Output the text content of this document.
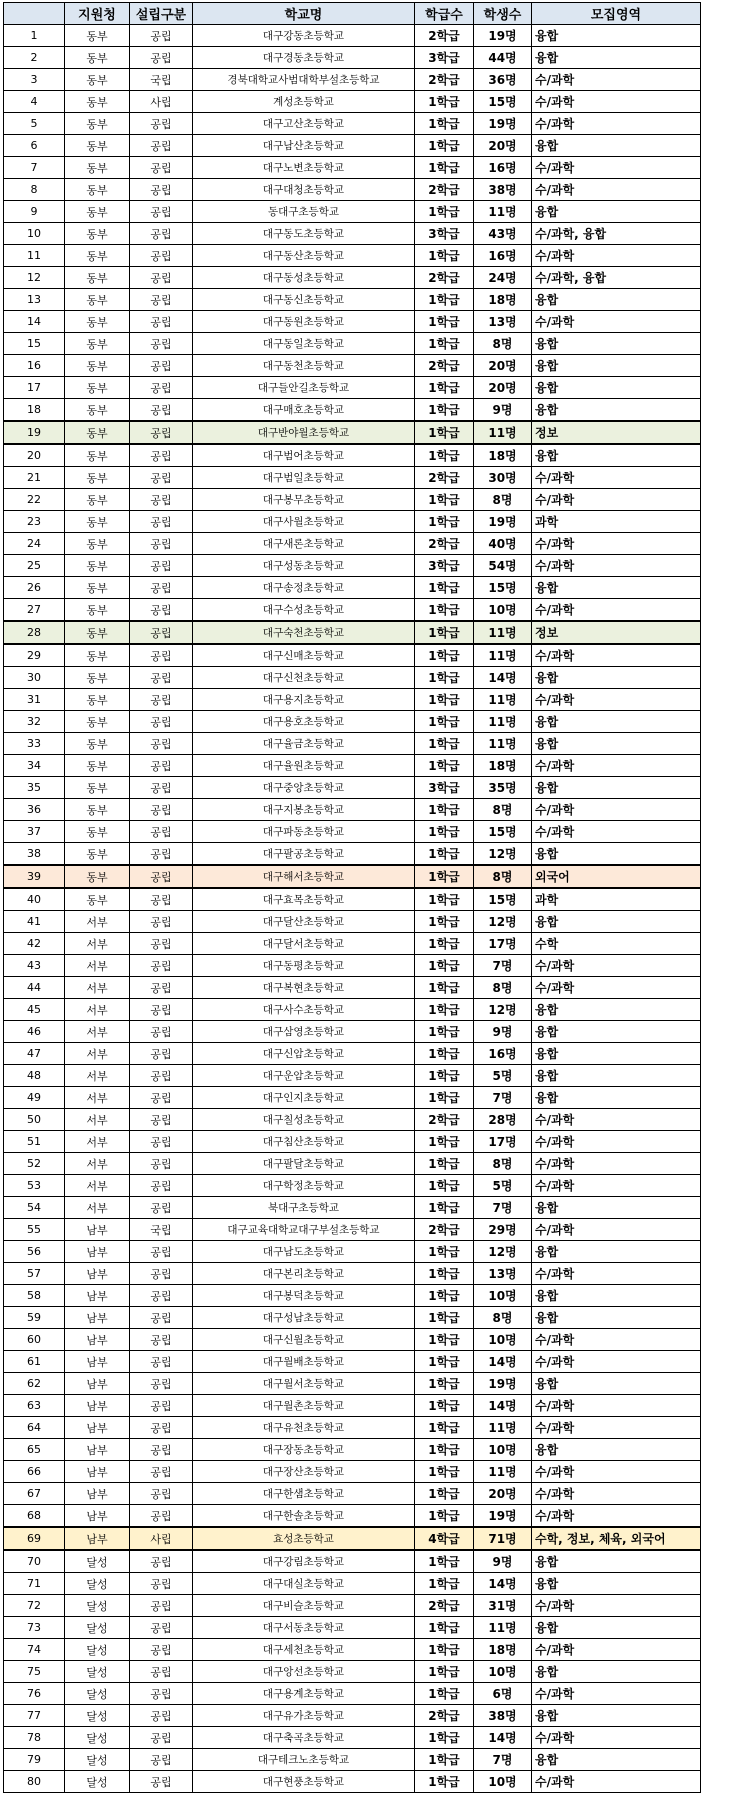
	지원청	설립구분	학교명	학급수	학생수	모집영역
1	동부	공립	대구강동초등학교	2학급	19명	융합
2	동부	공립	대구경동초등학교	3학급	44명	융합
3	동부	국립	경북대학교사범대학부설초등학교	2학급	36명	수/과학
4	동부	사립	계성초등학교	1학급	15명	수/과학
5	동부	공립	대구고산초등학교	1학급	19명	수/과학
6	동부	공립	대구남산초등학교	1학급	20명	융합
7	동부	공립	대구노변초등학교	1학급	16명	수/과학
8	동부	공립	대구대청초등학교	2학급	38명	수/과학
9	동부	공립	동대구초등학교	1학급	11명	융합
10	동부	공립	대구동도초등학교	3학급	43명	수/과학, 융합
11	동부	공립	대구동산초등학교	1학급	16명	수/과학
12	동부	공립	대구동성초등학교	2학급	24명	수/과학, 융합
13	동부	공립	대구동신초등학교	1학급	18명	융합
14	동부	공립	대구동원초등학교	1학급	13명	수/과학
15	동부	공립	대구동일초등학교	1학급	8명	융합
16	동부	공립	대구동천초등학교	2학급	20명	융합
17	동부	공립	대구들안길초등학교	1학급	20명	융합
18	동부	공립	대구매호초등학교	1학급	9명	융합
19	동부	공립	대구반야월초등학교	1학급	11명	정보
20	동부	공립	대구범어초등학교	1학급	18명	융합
21	동부	공립	대구범일초등학교	2학급	30명	수/과학
22	동부	공립	대구봉무초등학교	1학급	8명	수/과학
23	동부	공립	대구사월초등학교	1학급	19명	과학
24	동부	공립	대구새론초등학교	2학급	40명	수/과학
25	동부	공립	대구성동초등학교	3학급	54명	수/과학
26	동부	공립	대구송정초등학교	1학급	15명	융합
27	동부	공립	대구수성초등학교	1학급	10명	수/과학
28	동부	공립	대구숙천초등학교	1학급	11명	정보
29	동부	공립	대구신매초등학교	1학급	11명	수/과학
30	동부	공립	대구신천초등학교	1학급	14명	융합
31	동부	공립	대구용지초등학교	1학급	11명	수/과학
32	동부	공립	대구용호초등학교	1학급	11명	융합
33	동부	공립	대구율금초등학교	1학급	11명	융합
34	동부	공립	대구율원초등학교	1학급	18명	수/과학
35	동부	공립	대구중앙초등학교	3학급	35명	융합
36	동부	공립	대구지봉초등학교	1학급	8명	수/과학
37	동부	공립	대구파동초등학교	1학급	15명	수/과학
38	동부	공립	대구팔공초등학교	1학급	12명	융합
39	동부	공립	대구해서초등학교	1학급	8명	외국어
40	동부	공립	대구효목초등학교	1학급	15명	과학
41	서부	공립	대구달산초등학교	1학급	12명	융합
42	서부	공립	대구달서초등학교	1학급	17명	수학
43	서부	공립	대구동평초등학교	1학급	7명	수/과학
44	서부	공립	대구복현초등학교	1학급	8명	수/과학
45	서부	공립	대구사수초등학교	1학급	12명	융합
46	서부	공립	대구삼영초등학교	1학급	9명	융합
47	서부	공립	대구신암초등학교	1학급	16명	융합
48	서부	공립	대구운암초등학교	1학급	5명	융합
49	서부	공립	대구인지초등학교	1학급	7명	융합
50	서부	공립	대구칠성초등학교	2학급	28명	수/과학
51	서부	공립	대구침산초등학교	1학급	17명	수/과학
52	서부	공립	대구팔달초등학교	1학급	8명	수/과학
53	서부	공립	대구학정초등학교	1학급	5명	수/과학
54	서부	공립	북대구초등학교	1학급	7명	융합
55	남부	국립	대구교육대학교대구부설초등학교	2학급	29명	수/과학
56	남부	공립	대구남도초등학교	1학급	12명	융합
57	남부	공립	대구본리초등학교	1학급	13명	수/과학
58	남부	공립	대구봉덕초등학교	1학급	10명	융합
59	남부	공립	대구성남초등학교	1학급	8명	융합
60	남부	공립	대구신월초등학교	1학급	10명	수/과학
61	남부	공립	대구월배초등학교	1학급	14명	수/과학
62	남부	공립	대구월서초등학교	1학급	19명	융합
63	남부	공립	대구월촌초등학교	1학급	14명	수/과학
64	남부	공립	대구유천초등학교	1학급	11명	수/과학
65	남부	공립	대구장동초등학교	1학급	10명	융합
66	남부	공립	대구장산초등학교	1학급	11명	수/과학
67	남부	공립	대구한샘초등학교	1학급	20명	수/과학
68	남부	공립	대구한솔초등학교	1학급	19명	수/과학
69	남부	사립	효성초등학교	4학급	71명	수학, 정보, 체육, 외국어
70	달성	공립	대구강림초등학교	1학급	9명	융합
71	달성	공립	대구대실초등학교	1학급	14명	융합
72	달성	공립	대구비슬초등학교	2학급	31명	수/과학
73	달성	공립	대구서동초등학교	1학급	11명	융합
74	달성	공립	대구세천초등학교	1학급	18명	수/과학
75	달성	공립	대구앙선초등학교	1학급	10명	융합
76	달성	공립	대구용계초등학교	1학급	6명	수/과학
77	달성	공립	대구유가초등학교	2학급	38명	융합
78	달성	공립	대구축곡초등학교	1학급	14명	수/과학
79	달성	공립	대구테크노초등학교	1학급	7명	융합
80	달성	공립	대구현풍초등학교	1학급	10명	수/과학
